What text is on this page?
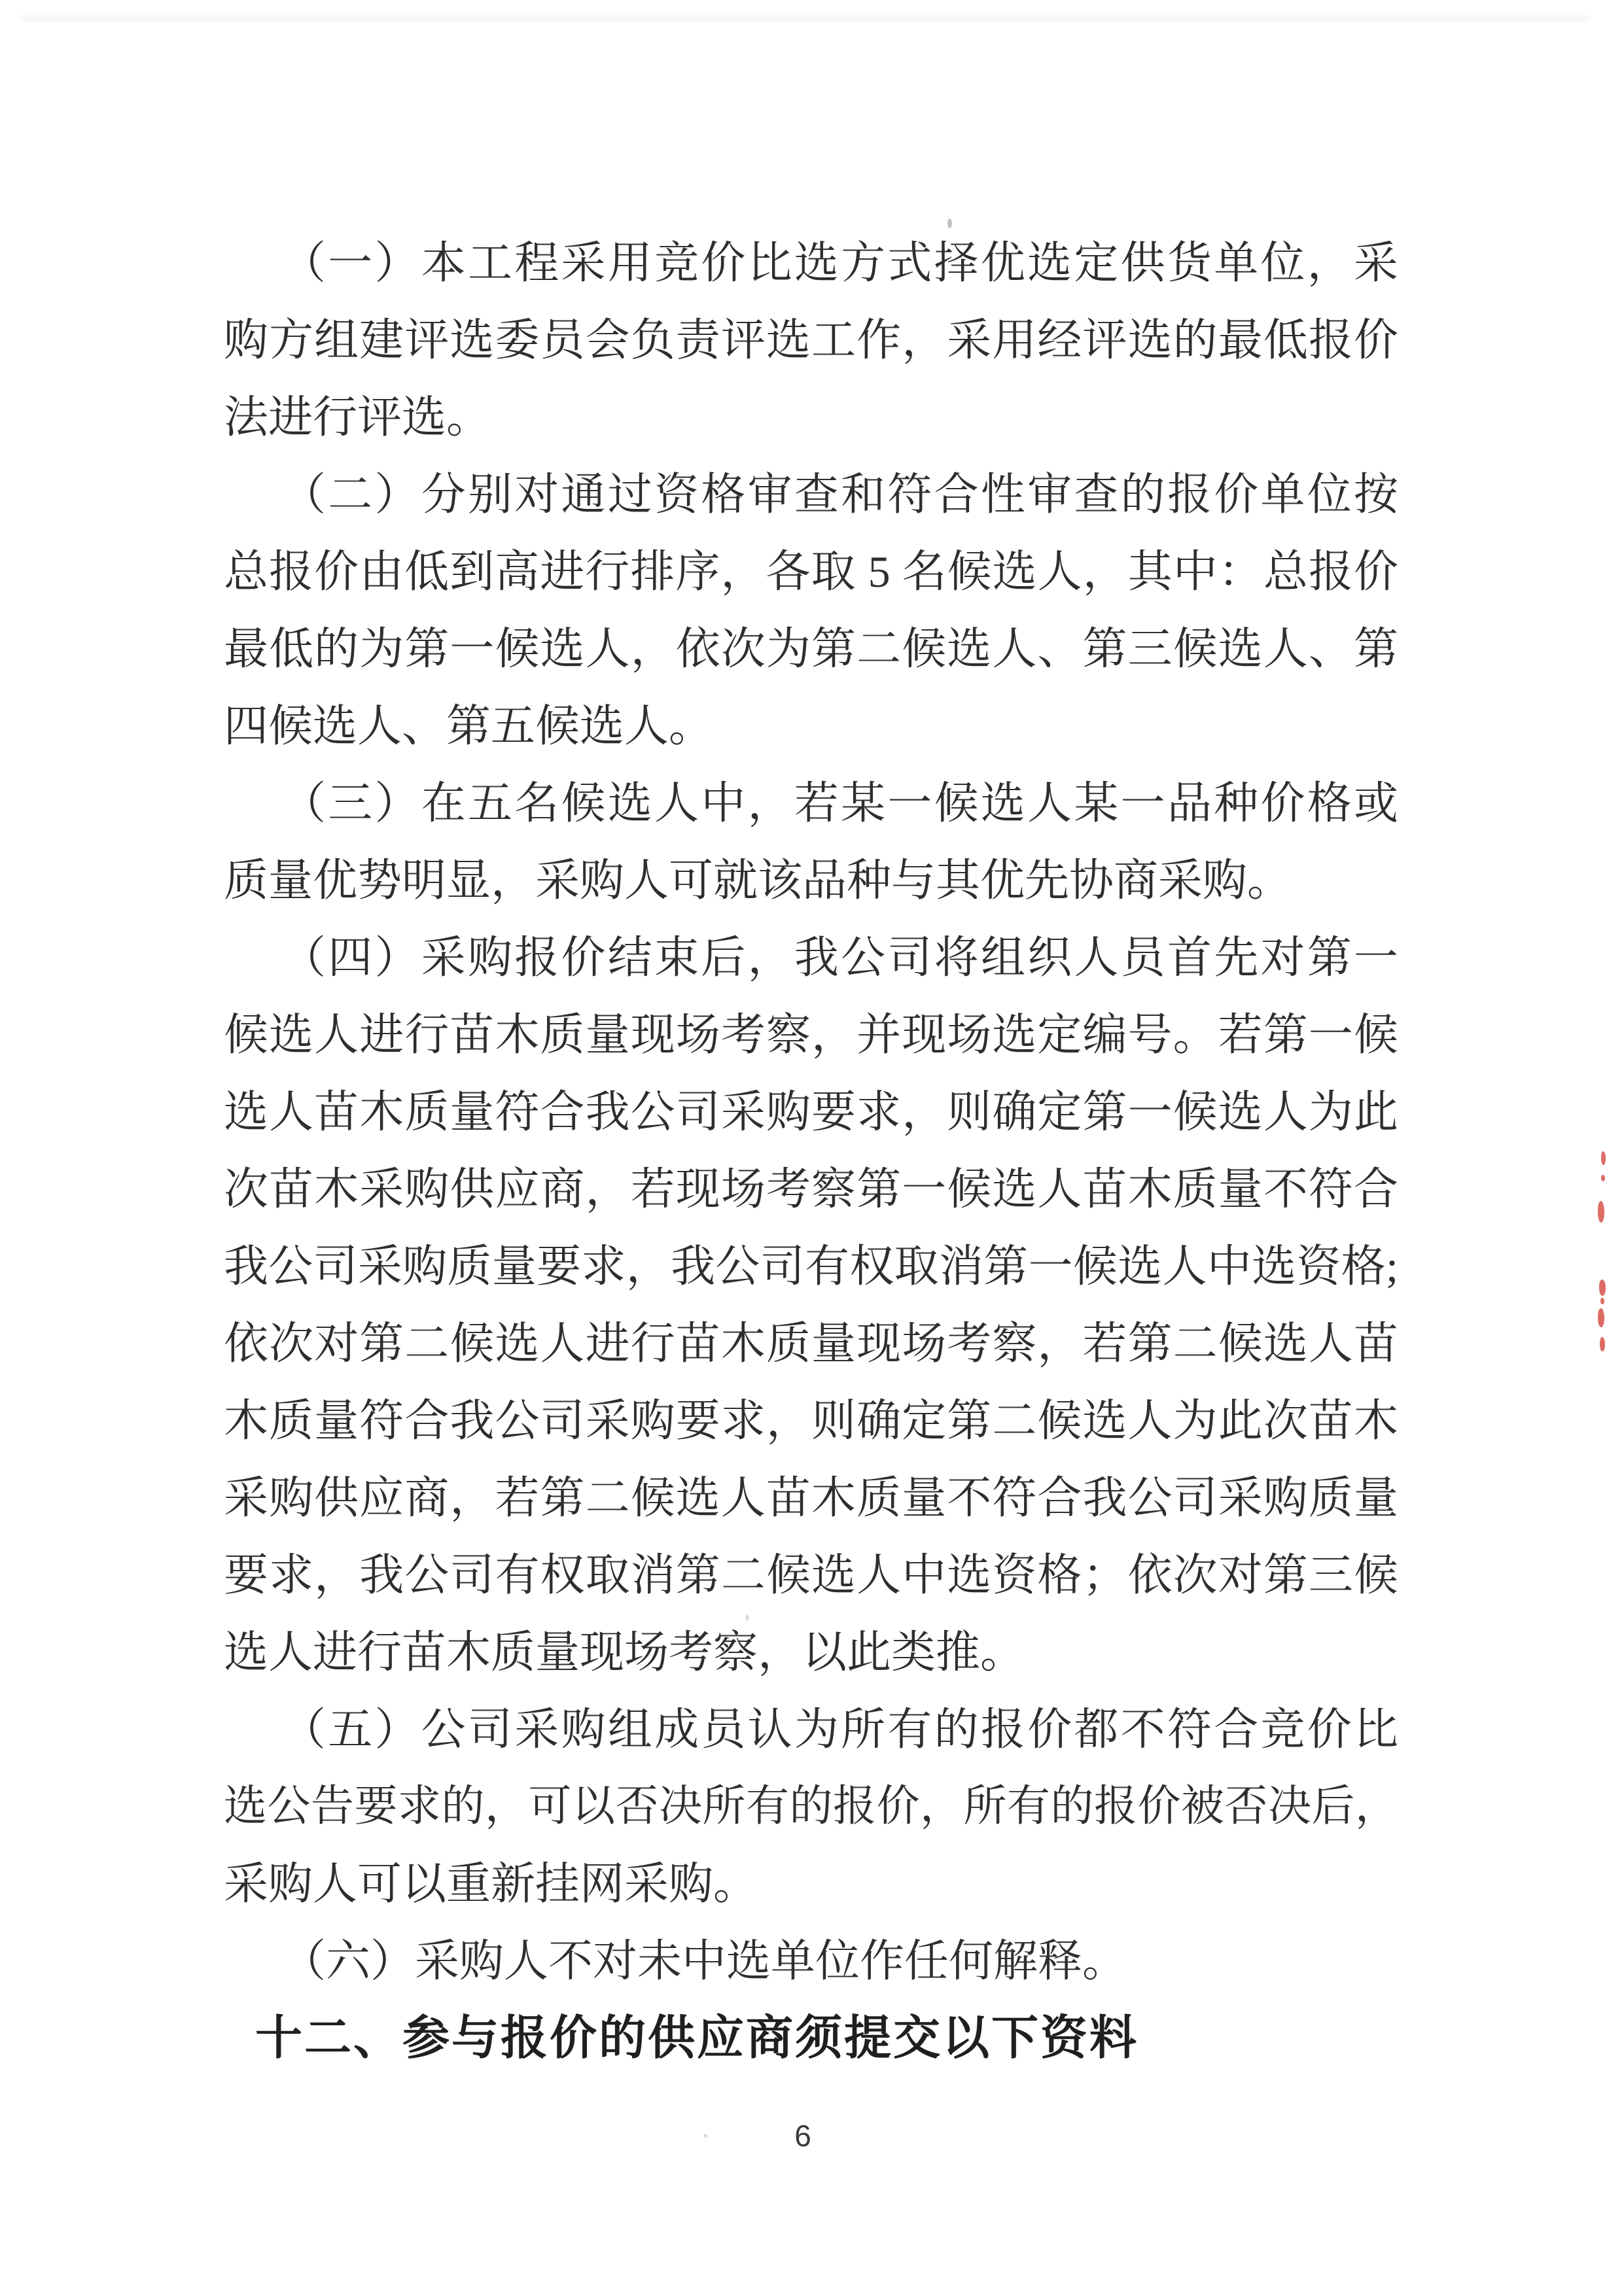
（一）本工程采用竞价比选方式择优选定供货单位，采
购方组建评选委员会负责评选工作，采用经评选的最低报价
法进行评选。
（二）分别对通过资格审查和符合性审查的报价单位按
总报价由低到高进行排序，各取 5 名候选人，其中：总报价
最低的为第一候选人，依次为第二候选人、第三候选人、第
四候选人、第五候选人。
（三）在五名候选人中，若某一候选人某一品种价格或
质量优势明显，采购人可就该品种与其优先协商采购。
（四）采购报价结束后，我公司将组织人员首先对第一
候选人进行苗木质量现场考察，并现场选定编号。若第一候
选人苗木质量符合我公司采购要求，则确定第一候选人为此
次苗木采购供应商，若现场考察第一候选人苗木质量不符合
我公司采购质量要求，我公司有权取消第一候选人中选资格;
依次对第二候选人进行苗木质量现场考察，若第二候选人苗
木质量符合我公司采购要求，则确定第二候选人为此次苗木
采购供应商，若第二候选人苗木质量不符合我公司采购质量
要求，我公司有权取消第二候选人中选资格；依次对第三候
选人进行苗木质量现场考察，以此类推。
（五）公司采购组成员认为所有的报价都不符合竞价比
选公告要求的，可以否决所有的报价，所有的报价被否决后，
采购人可以重新挂网采购。
（六）采购人不对未中选单位作任何解释。
十二、参与报价的供应商须提交以下资料
6
